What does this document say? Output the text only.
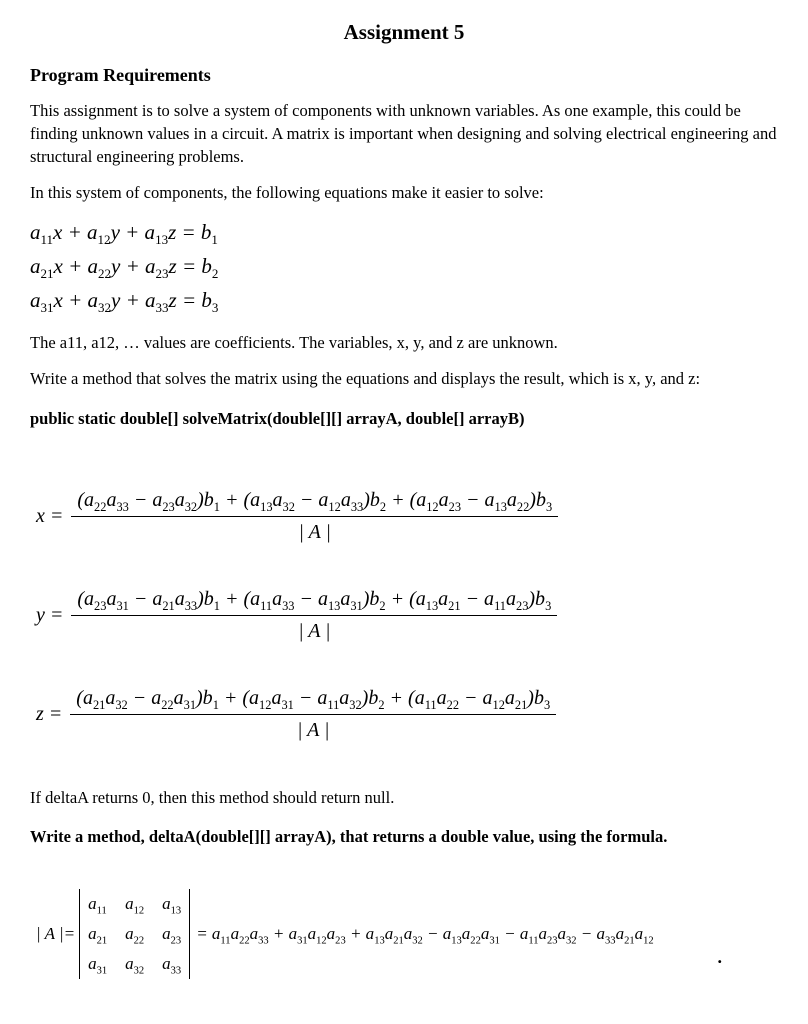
Assignment 5
Program Requirements

This assignment is to solve a system of components with unknown variables. As one example, this could be finding unknown values in a circuit. A matrix is important when designing and solving electrical engineering and structural engineering problems.

In this system of components, the following equations make it easier to solve:

$a_{11}x + a_{12}y + a_{13}z = b_1$
$a_{21}x + a_{22}y + a_{23}z = b_2$
$a_{31}x + a_{32}y + a_{33}z = b_3$

The a11, a12, … values are coefficients. The variables, x, y, and z are unknown.

Write a method that solves the matrix using the equations and displays the result, which is x, y, and z:

public static double[] solveMatrix(double[][] arrayA, double[] arrayB)
x =
$(a_{22}a_{33} - a_{23}a_{32})b_1 + (a_{13}a_{32} - a_{12}a_{33})b_2 + (a_{12}a_{23} - a_{13}a_{22})b_3$
| A |
y =
$(a_{23}a_{31} - a_{21}a_{33})b_1 + (a_{11}a_{33} - a_{13}a_{31})b_2 + (a_{13}a_{21} - a_{11}a_{23})b_3$
| A |
z =
$(a_{21}a_{32} - a_{22}a_{31})b_1 + (a_{12}a_{31} - a_{11}a_{32})b_2 + (a_{11}a_{22} - a_{12}a_{21})b_3$
| A |

If deltaA returns 0, then this method should return null.

Write a method, deltaA(double[][] arrayA), that returns a double value, using the formula.
| A |=
$a_{11}$ $a_{12}$ $a_{13}$
$a_{21}$ $a_{22}$ $a_{23}$
$a_{31}$ $a_{32}$ $a_{33}$
= $a_{11}a_{22}a_{33} + a_{31}a_{12}a_{23} + a_{13}a_{21}a_{32} - a_{13}a_{22}a_{31} - a_{11}a_{23}a_{32} - a_{33}a_{21}a_{12}$
.
